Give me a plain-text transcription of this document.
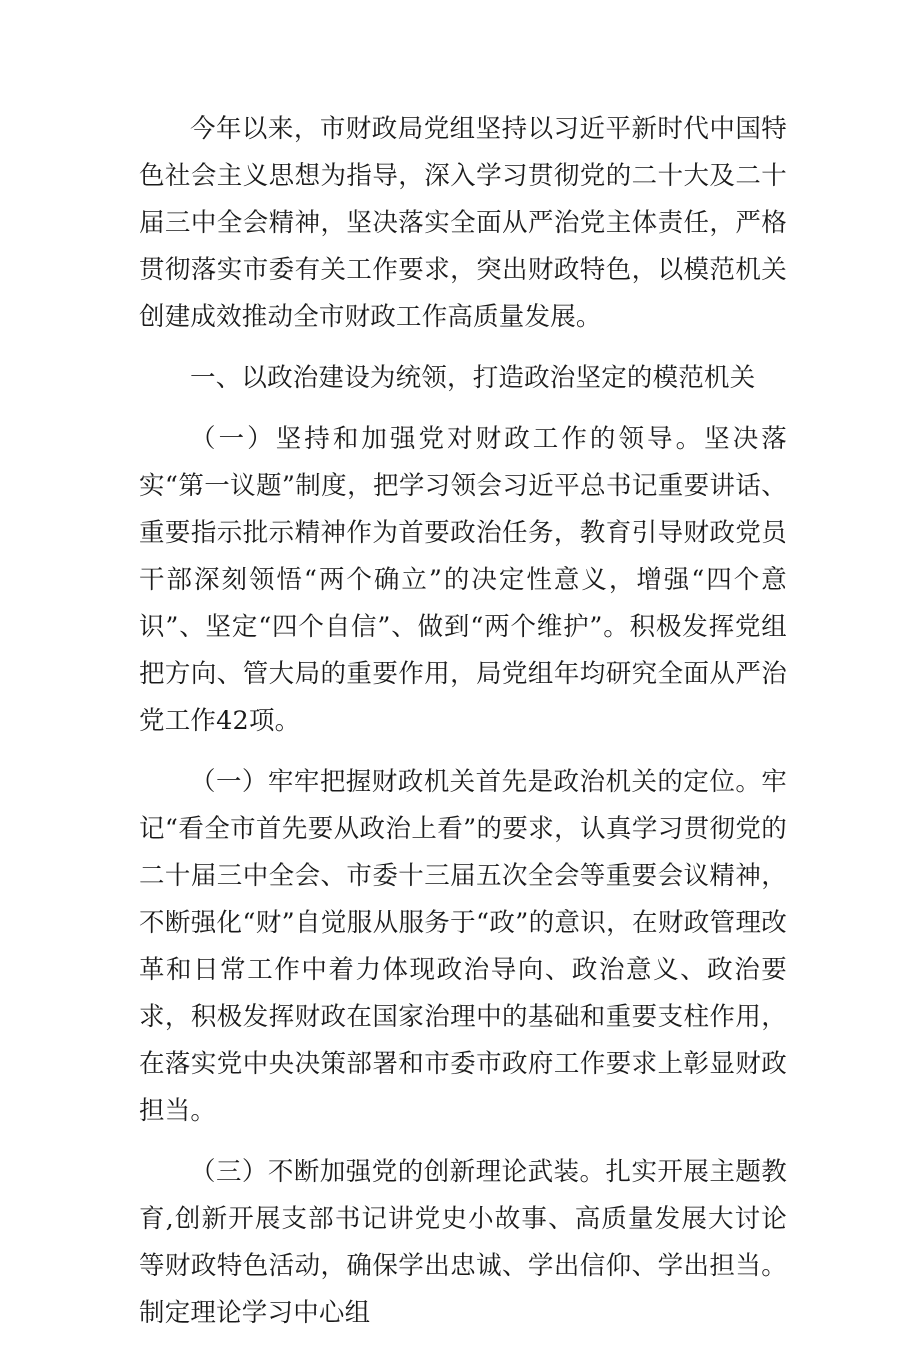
今年以来，市财政局党组坚持以习近平新时代中国特色社会主义思想为指导，深入学习贯彻党的二十大及二十届三中全会精神，坚决落实全面从严治党主体责任，严格贯彻落实市委有关工作要求，突出财政特色，以模范机关创建成效推动全市财政工作高质量发展。

一、以政治建设为统领，打造政治坚定的模范机关

（一）坚持和加强党对财政工作的领导。坚决落实“第一议题”制度，把学习领会习近平总书记重要讲话、重要指示批示精神作为首要政治任务，教育引导财政党员干部深刻领悟“两个确立”的决定性意义，增强“四个意识”、坚定“四个自信”、做到“两个维护”。积极发挥党组把方向、管大局的重要作用，局党组年均研究全面从严治党工作42项。

（一）牢牢把握财政机关首先是政治机关的定位。牢记“看全市首先要从政治上看”的要求，认真学习贯彻党的二十届三中全会、市委十三届五次全会等重要会议精神，不断强化“财”自觉服从服务于“政”的意识，在财政管理改革和日常工作中着力体现政治导向、政治意义、政治要求，积极发挥财政在国家治理中的基础和重要支柱作用，在落实党中央决策部署和市委市政府工作要求上彰显财政担当。

（三）不断加强党的创新理论武装。扎实开展主题教育,创新开展支部书记讲党史小故事、高质量发展大讨论等财政特色活动，确保学出忠诚、学出信仰、学出担当。制定理论学习中心组
